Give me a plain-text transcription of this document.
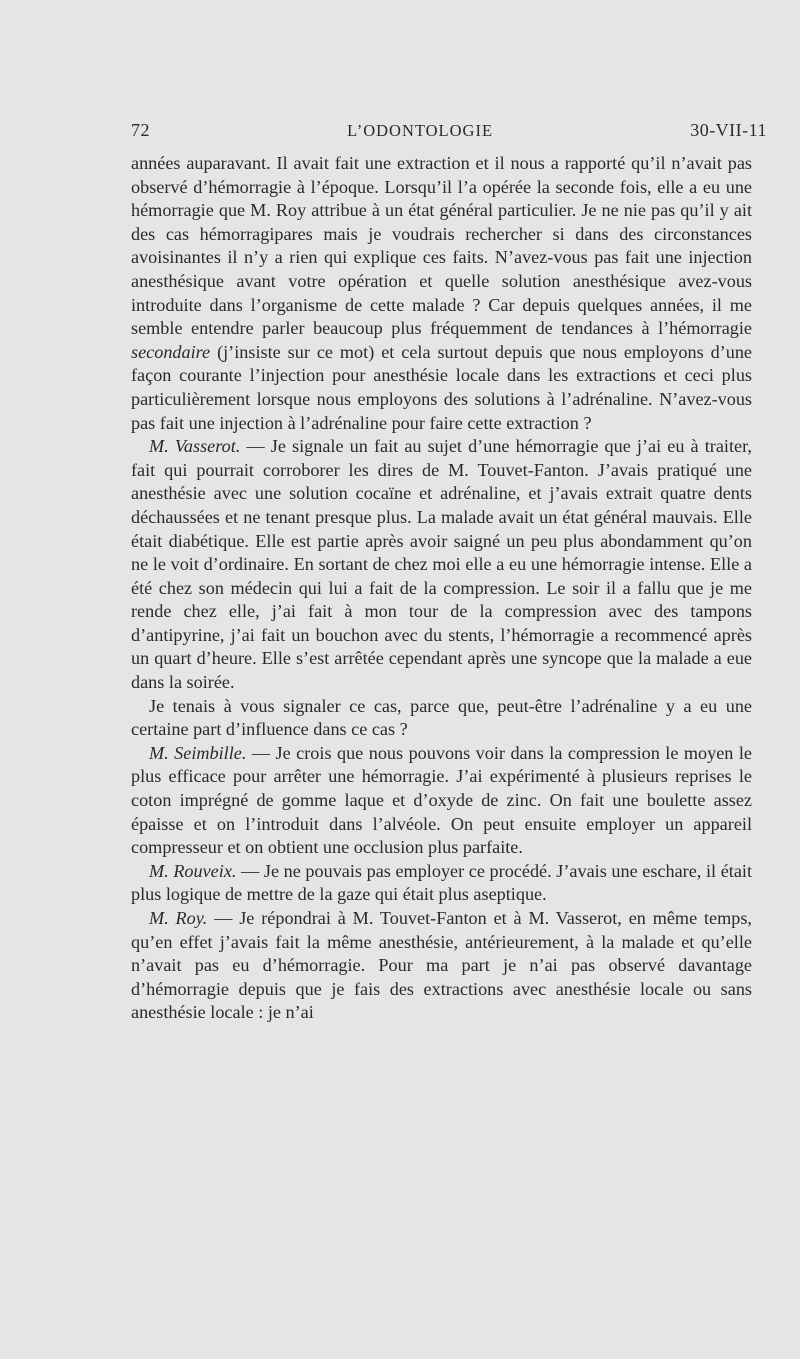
72	L’ODONTOLOGIE	30-VII-11

années auparavant. Il avait fait une extraction et il nous a rapporté qu’il n’avait pas observé d’hémorragie à l’époque. Lorsqu’il l’a opérée la seconde fois, elle a eu une hémorragie que M. Roy attribue à un état général particulier. Je ne nie pas qu’il y ait des cas hémorragipares mais je voudrais rechercher si dans des circonstances avoisinantes il n’y a rien qui explique ces faits. N’avez-vous pas fait une injection anesthésique avant votre opération et quelle solution anesthésique avez-vous introduite dans l’organisme de cette malade ? Car depuis quelques années, il me semble entendre parler beaucoup plus fréquemment de tendances à l’hémorragie secondaire (j’insiste sur ce mot) et cela surtout depuis que nous employons d’une façon courante l’injection pour anesthésie locale dans les extractions et ceci plus particulièrement lorsque nous employons des solutions à l’adrénaline. N’avez-vous pas fait une injection à l’adrénaline pour faire cette extraction ?

M. Vasserot. — Je signale un fait au sujet d’une hémorragie que j’ai eu à traiter, fait qui pourrait corroborer les dires de M. Touvet-Fanton. J’avais pratiqué une anesthésie avec une solution cocaïne et adrénaline, et j’avais extrait quatre dents déchaussées et ne tenant presque plus. La malade avait un état général mauvais. Elle était diabétique. Elle est partie après avoir saigné un peu plus abondamment qu’on ne le voit d’ordinaire. En sortant de chez moi elle a eu une hémorragie intense. Elle a été chez son médecin qui lui a fait de la compression. Le soir il a fallu que je me rende chez elle, j’ai fait à mon tour de la compression avec des tampons d’antipyrine, j’ai fait un bouchon avec du stents, l’hémorragie a recommencé après un quart d’heure. Elle s’est arrêtée cependant après une syncope que la malade a eue dans la soirée.

Je tenais à vous signaler ce cas, parce que, peut-être l’adrénaline y a eu une certaine part d’influence dans ce cas ?

M. Seimbille. — Je crois que nous pouvons voir dans la compression le moyen le plus efficace pour arrêter une hémorragie. J’ai expérimenté à plusieurs reprises le coton imprégné de gomme laque et d’oxyde de zinc. On fait une boulette assez épaisse et on l’introduit dans l’alvéole. On peut ensuite employer un appareil compresseur et on obtient une occlusion plus parfaite.

M. Rouveix. — Je ne pouvais pas employer ce procédé. J’avais une eschare, il était plus logique de mettre de la gaze qui était plus aseptique.

M. Roy. — Je répondrai à M. Touvet-Fanton et à M. Vasserot, en même temps, qu’en effet j’avais fait la même anesthésie, antérieurement, à la malade et qu’elle n’avait pas eu d’hémorragie. Pour ma part je n’ai pas observé davantage d’hémorragie depuis que je fais des extractions avec anesthésie locale ou sans anesthésie locale : je n’ai
